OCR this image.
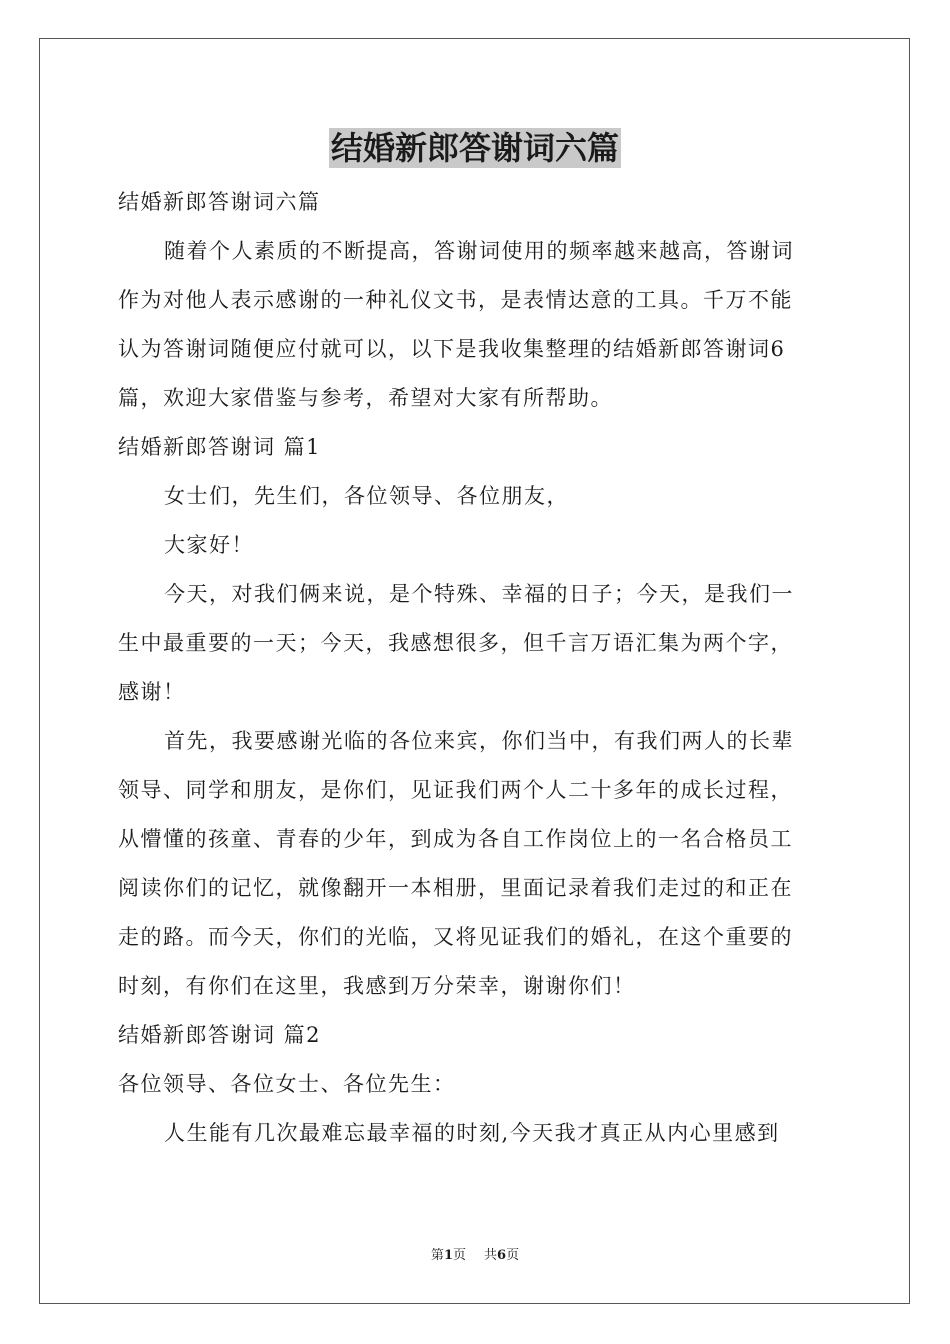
结婚新郎答谢词六篇
结婚新郎答谢词六篇
随着个人素质的不断提高，答谢词使用的频率越来越高，答谢词
作为对他人表示感谢的一种礼仪文书，是表情达意的工具。千万不能
认为答谢词随便应付就可以，以下是我收集整理的结婚新郎答谢词6
篇，欢迎大家借鉴与参考，希望对大家有所帮助。
结婚新郎答谢词 篇1
女士们，先生们，各位领导、各位朋友，
大家好！
今天，对我们俩来说，是个特殊、幸福的日子；今天，是我们一
生中最重要的一天；今天，我感想很多，但千言万语汇集为两个字，
感谢！
首先，我要感谢光临的各位来宾，你们当中，有我们两人的长辈
领导、同学和朋友，是你们，见证我们两个人二十多年的成长过程，
从懵懂的孩童、青春的少年，到成为各自工作岗位上的一名合格员工
阅读你们的记忆，就像翻开一本相册，里面记录着我们走过的和正在
走的路。而今天，你们的光临，又将见证我们的婚礼，在这个重要的
时刻，有你们在这里，我感到万分荣幸，谢谢你们！
结婚新郎答谢词 篇2
各位领导、各位女士、各位先生：
人生能有几次最难忘最幸福的时刻,今天我才真正从内心里感到
第1页 共6页
